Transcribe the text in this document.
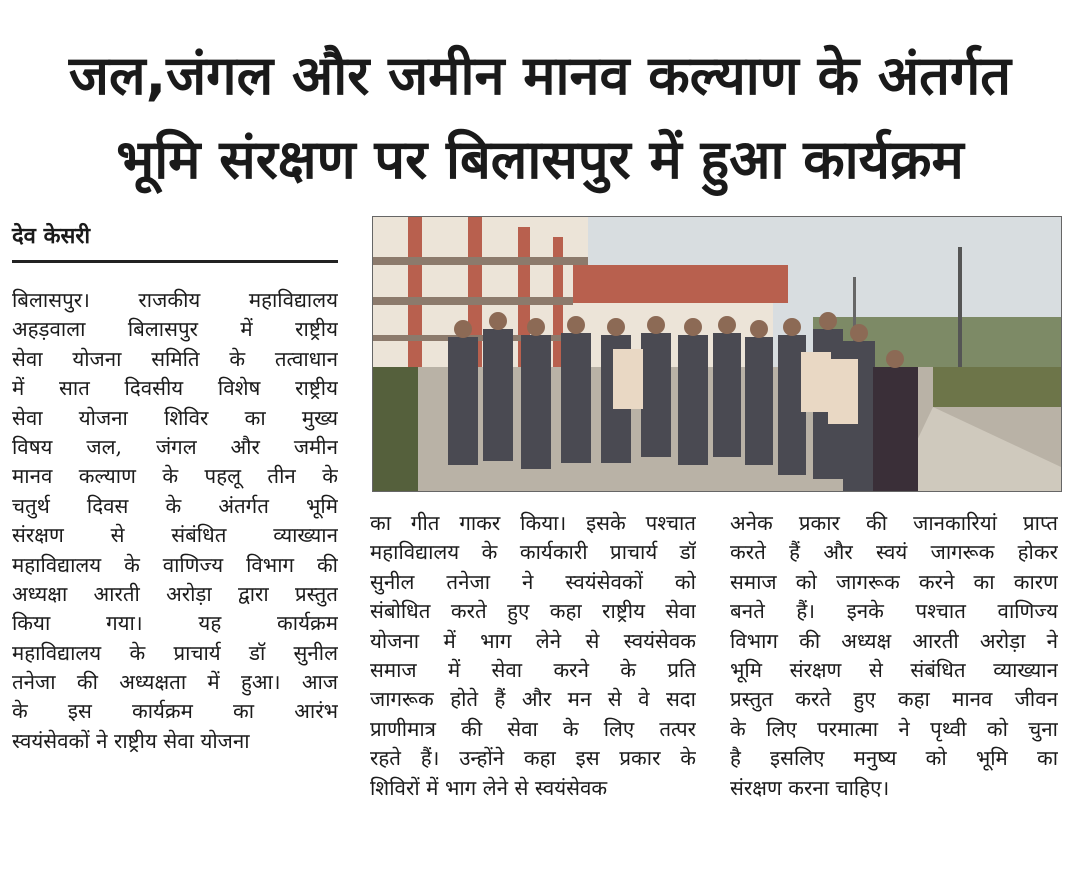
जल,जंगल और जमीन मानव कल्याण के अंतर्गत
भूमि संरक्षण पर बिलासपुर में हुआ कार्यक्रम
देव केसरी
बिलासपुर। राजकीय महाविद्यालय
अहड़वाला बिलासपुर में राष्ट्रीय
सेवा योजना समिति के तत्वाधान
में सात दिवसीय विशेष राष्ट्रीय
सेवा योजना शिविर का मुख्य
विषय जल, जंगल और जमीन
मानव कल्याण के पहलू तीन के
चतुर्थ दिवस के अंतर्गत भूमि
संरक्षण से संबंधित व्याख्यान
महाविद्यालय के वाणिज्य विभाग की
अध्यक्षा आरती अरोड़ा द्वारा प्रस्तुत
किया गया। यह कार्यक्रम
महाविद्यालय के प्राचार्य डॉ सुनील
तनेजा की अध्यक्षता में हुआ। आज
के इस कार्यक्रम का आरंभ
स्वयंसेवकों ने राष्ट्रीय सेवा योजना
का गीत गाकर किया। इसके पश्चात
महाविद्यालय के कार्यकारी प्राचार्य डॉ
सुनील तनेजा ने स्वयंसेवकों को
संबोधित करते हुए कहा राष्ट्रीय सेवा
योजना में भाग लेने से स्वयंसेवक
समाज में सेवा करने के प्रति
जागरूक होते हैं और मन से वे सदा
प्राणीमात्र की सेवा के लिए तत्पर
रहते हैं। उन्होंने कहा इस प्रकार के
शिविरों में भाग लेने से स्वयंसेवक
अनेक प्रकार की जानकारियां प्राप्त
करते हैं और स्वयं जागरूक होकर
समाज को जागरूक करने का कारण
बनते हैं। इनके पश्चात वाणिज्य
विभाग की अध्यक्ष आरती अरोड़ा ने
भूमि संरक्षण से संबंधित व्याख्यान
प्रस्तुत करते हुए कहा मानव जीवन
के लिए परमात्मा ने पृथ्वी को चुना
है इसलिए मनुष्य को भूमि का
संरक्षण करना चाहिए।
